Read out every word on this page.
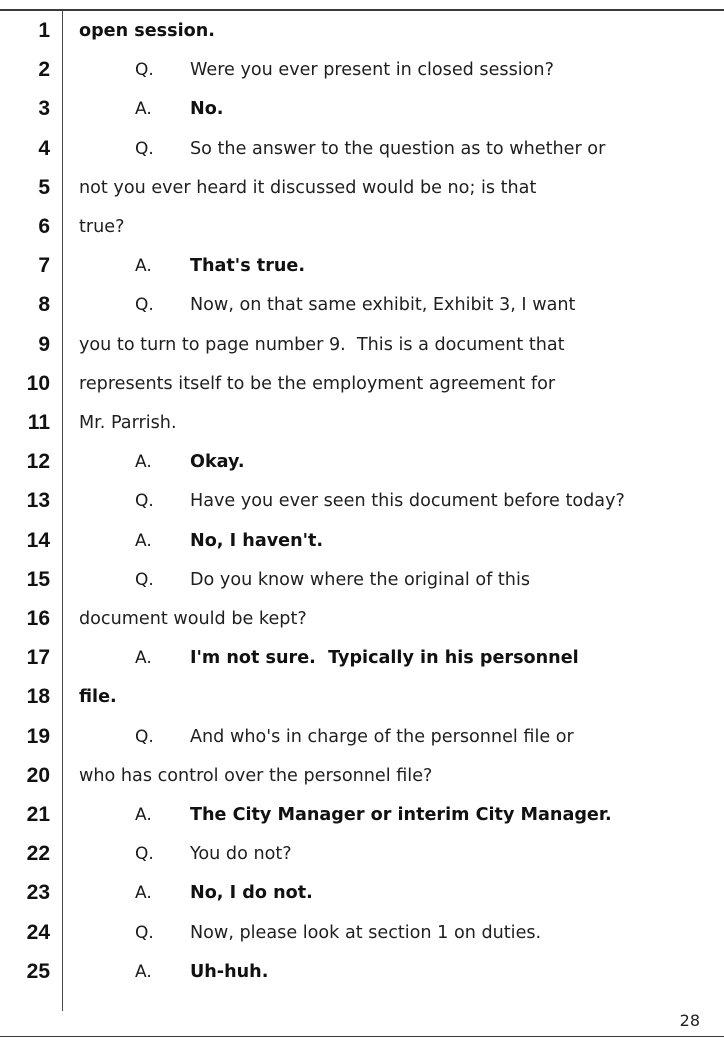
1 open session.
2	Q. Were you ever present in closed session?
3	A. No.
4	Q. So the answer to the question as to whether or
5 not you ever heard it discussed would be no; is that
6 true?
7	A. That's true.
8	Q. Now, on that same exhibit, Exhibit 3, I want
9 you to turn to page number 9.  This is a document that
10 represents itself to be the employment agreement for
11 Mr. Parrish.
12	A. Okay.
13	Q. Have you ever seen this document before today?
14	A. No, I haven't.
15	Q. Do you know where the original of this
16 document would be kept?
17	A. I'm not sure.  Typically in his personnel
18 file.
19	Q. And who's in charge of the personnel file or
20 who has control over the personnel file?
21	A. The City Manager or interim City Manager.
22	Q. You do not?
23	A. No, I do not.
24	Q. Now, please look at section 1 on duties.
25	A. Uh-huh.
28
